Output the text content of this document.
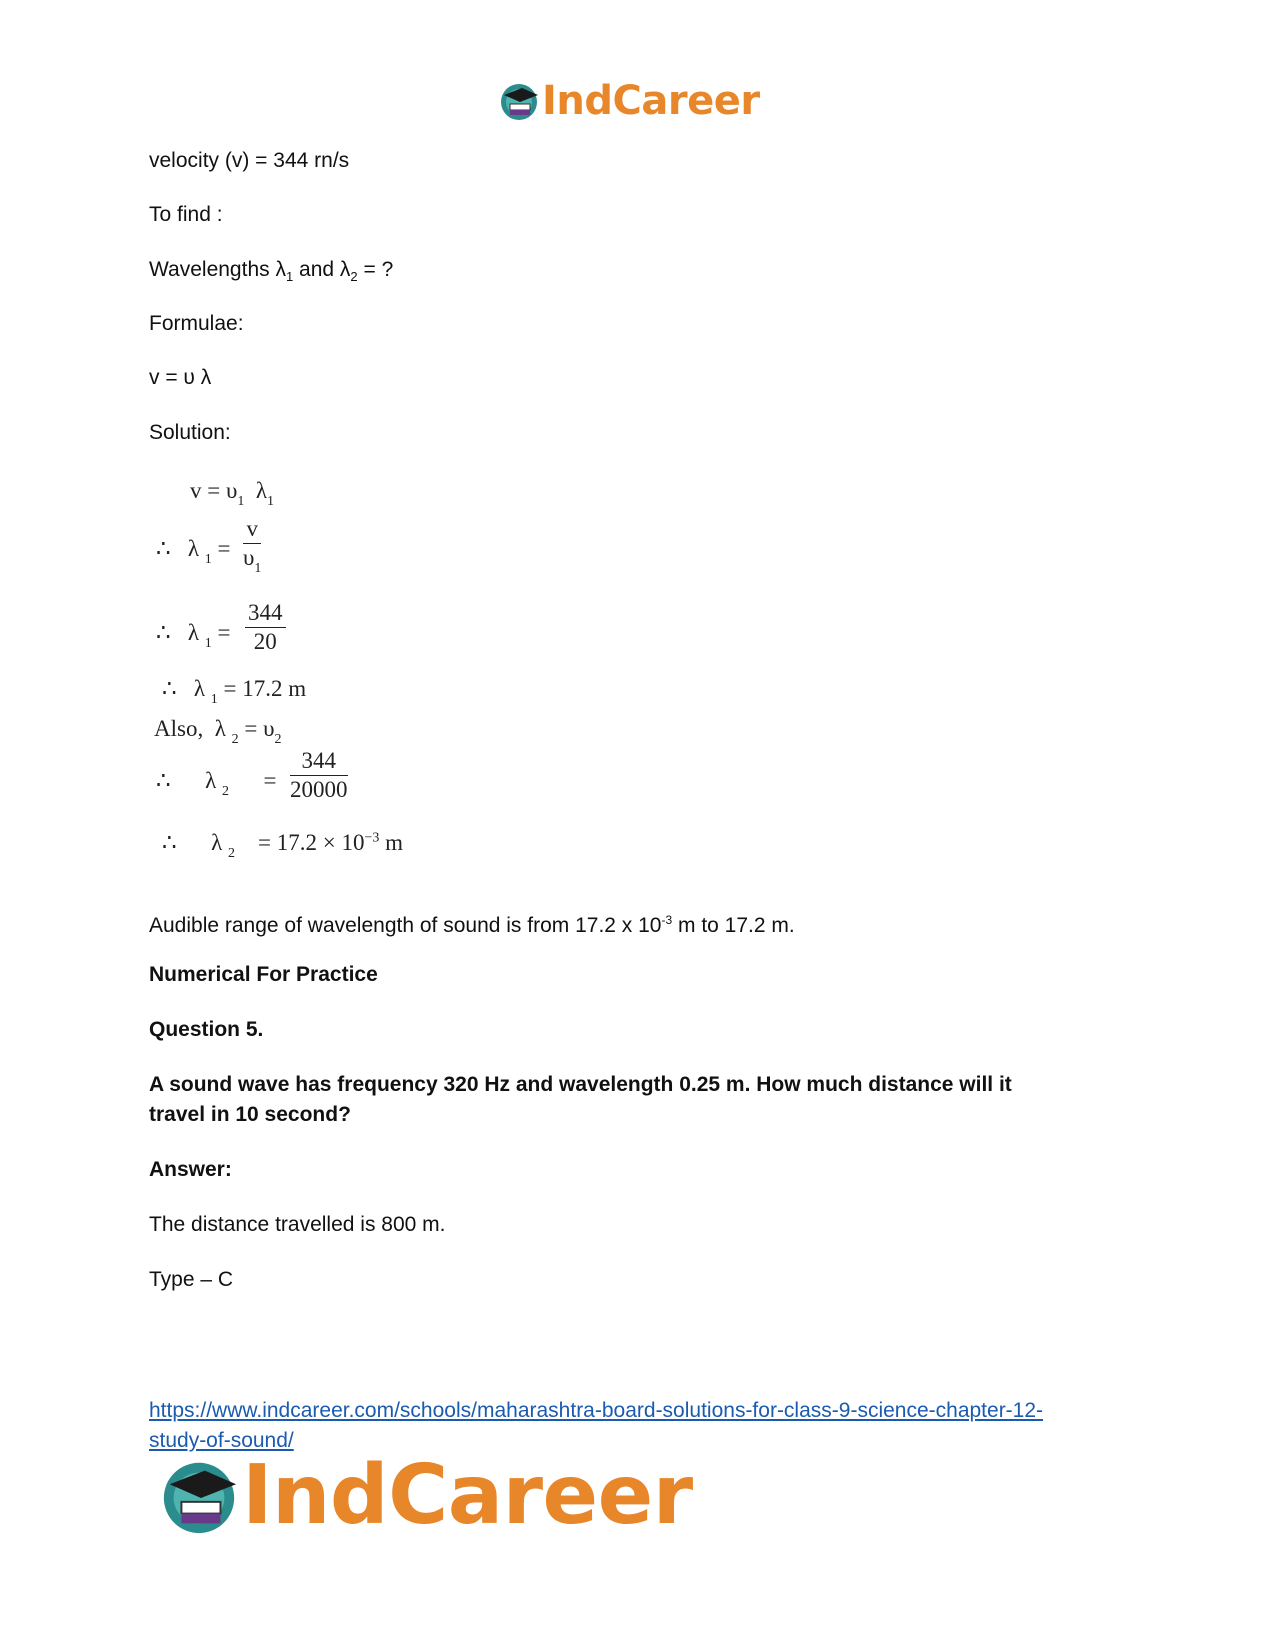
IndCareer
velocity (v) = 344 rn/s
To find :
Wavelengths $\lambda_1$ and $\lambda_2$ = ?
Formulae:
v = υ λ
Solution:
$v = \upsilon_1$ $\lambda_1$
∴ λ $_1 = \frac{v}{\upsilon_1}$
∴ λ $_1 = \frac{344}{20}$
∴ λ $_1$ = 17.2 m
Also, λ $_2 = \upsilon_2$
∴ λ $_2 = \frac{344}{20000}$
∴ λ $_2 = 17.2 \times 10^{-3}$ m
Audible range of wavelength of sound is from 17.2 x $10^{-3}$ m to 17.2 m.
Numerical For Practice
Question 5.
A sound wave has frequency 320 Hz and wavelength 0.25 m. How much distance will it
travel in 10 second?
Answer:
The distance travelled is 800 m.
Type – C
https://www.indcareer.com/schools/maharashtra-board-solutions-for-class-9-science-chapter-12-
study-of-sound/
IndCareer
